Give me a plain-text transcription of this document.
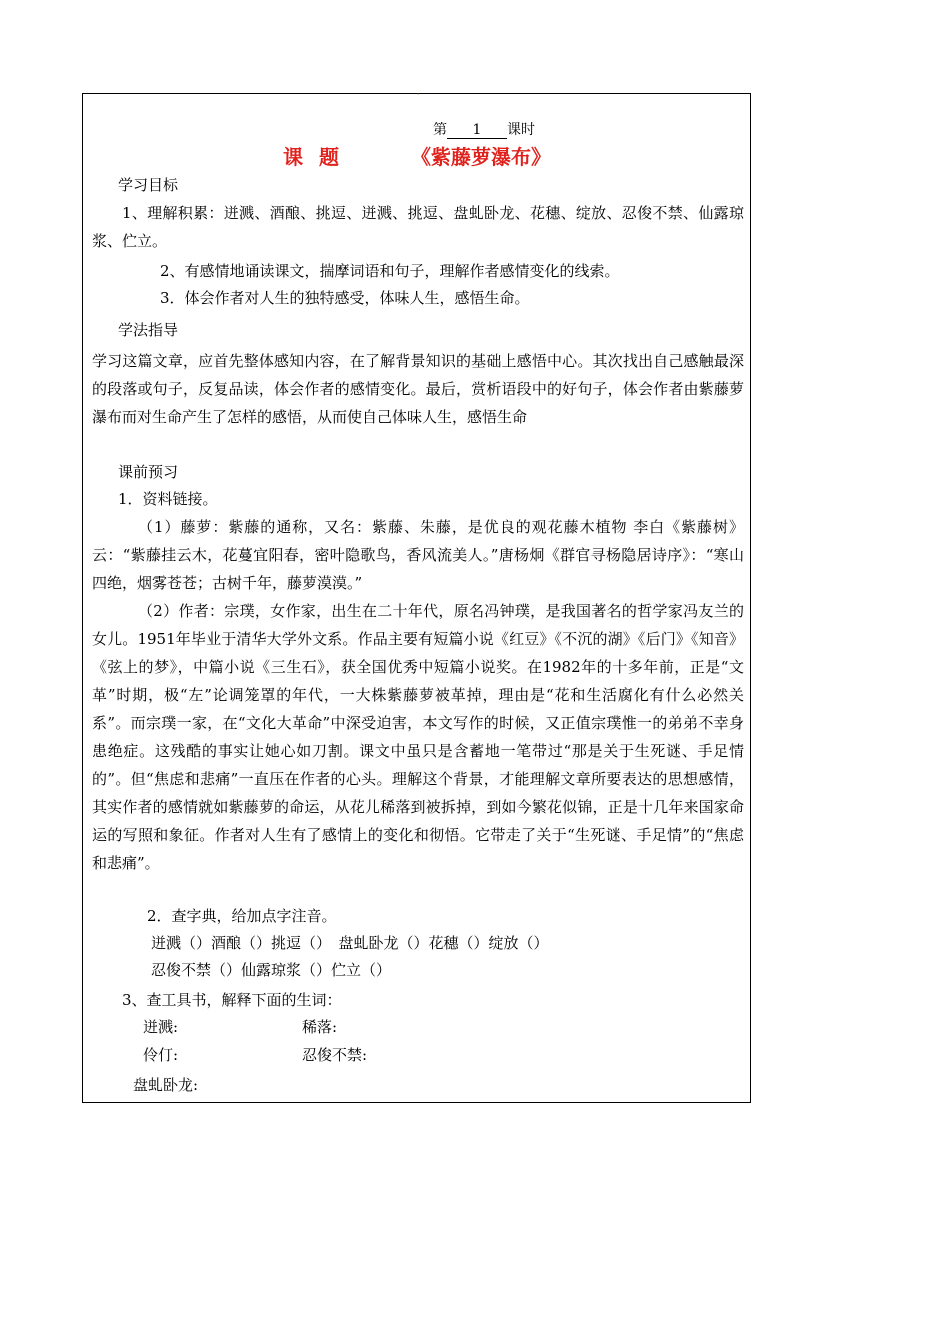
·
第 1 课时
课 题	《紫藤萝瀑布》
学习目标
1、理解积累：迸溅、酒酿、挑逗、迸溅、挑逗、盘虬卧龙、花穗、绽放、忍俊不禁、仙露琼浆、伫立。
2、有感情地诵读课文，揣摩词语和句子，理解作者感情变化的线索。
3．体会作者对人生的独特感受，体味人生，感悟生命。
学法指导
学习这篇文章，应首先整体感知内容，在了解背景知识的基础上感悟中心。其次找出自己感触最深的段落或句子，反复品读，体会作者的感情变化。最后，赏析语段中的好句子，体会作者由紫藤萝瀑布而对生命产生了怎样的感悟，从而使自己体味人生，感悟生命
课前预习
1．资料链接。
（1）藤萝：紫藤的通称，又名：紫藤、朱藤，是优良的观花藤木植物 李白《紫藤树》云：“紫藤挂云木，花蔓宜阳春，密叶隐歌鸟，香风流美人。”唐杨炯《群官寻杨隐居诗序》：“寒山四绝，烟雾苍苍；古树千年，藤萝漠漠。”
（2）作者：宗璞，女作家，出生在二十年代，原名冯钟璞，是我国著名的哲学家冯友兰的女儿。1951年毕业于清华大学外文系。作品主要有短篇小说《红豆》《不沉的湖》《后门》《知音》《弦上的梦》，中篇小说《三生石》，获全国优秀中短篇小说奖。在1982年的十多年前，正是“文革”时期，极“左”论调笼罩的年代，一大株紫藤萝被革掉，理由是“花和生活腐化有什么必然关系”。而宗璞一家，在“文化大革命”中深受迫害，本文写作的时候，又正值宗璞惟一的弟弟不幸身患绝症。这残酷的事实让她心如刀割。课文中虽只是含蓄地一笔带过“那是关于生死谜、手足情的”。但“焦虑和悲痛”一直压在作者的心头。理解这个背景，才能理解文章所要表达的思想感情，其实作者的感情就如紫藤萝的命运，从花儿稀落到被拆掉，到如今繁花似锦，正是十几年来国家命运的写照和象征。作者对人生有了感情上的变化和彻悟。它带走了关于“生死谜、手足情”的“焦虑和悲痛”。
2．查字典，给加点字注音。
迸溅（）酒酿（）挑逗（）　盘虬卧龙（）花穗（）绽放（）
忍俊不禁（）仙露琼浆（）伫立（）
3、查工具书，解释下面的生词：
迸溅:	稀落:
伶仃:	忍俊不禁:
盘虬卧龙:
